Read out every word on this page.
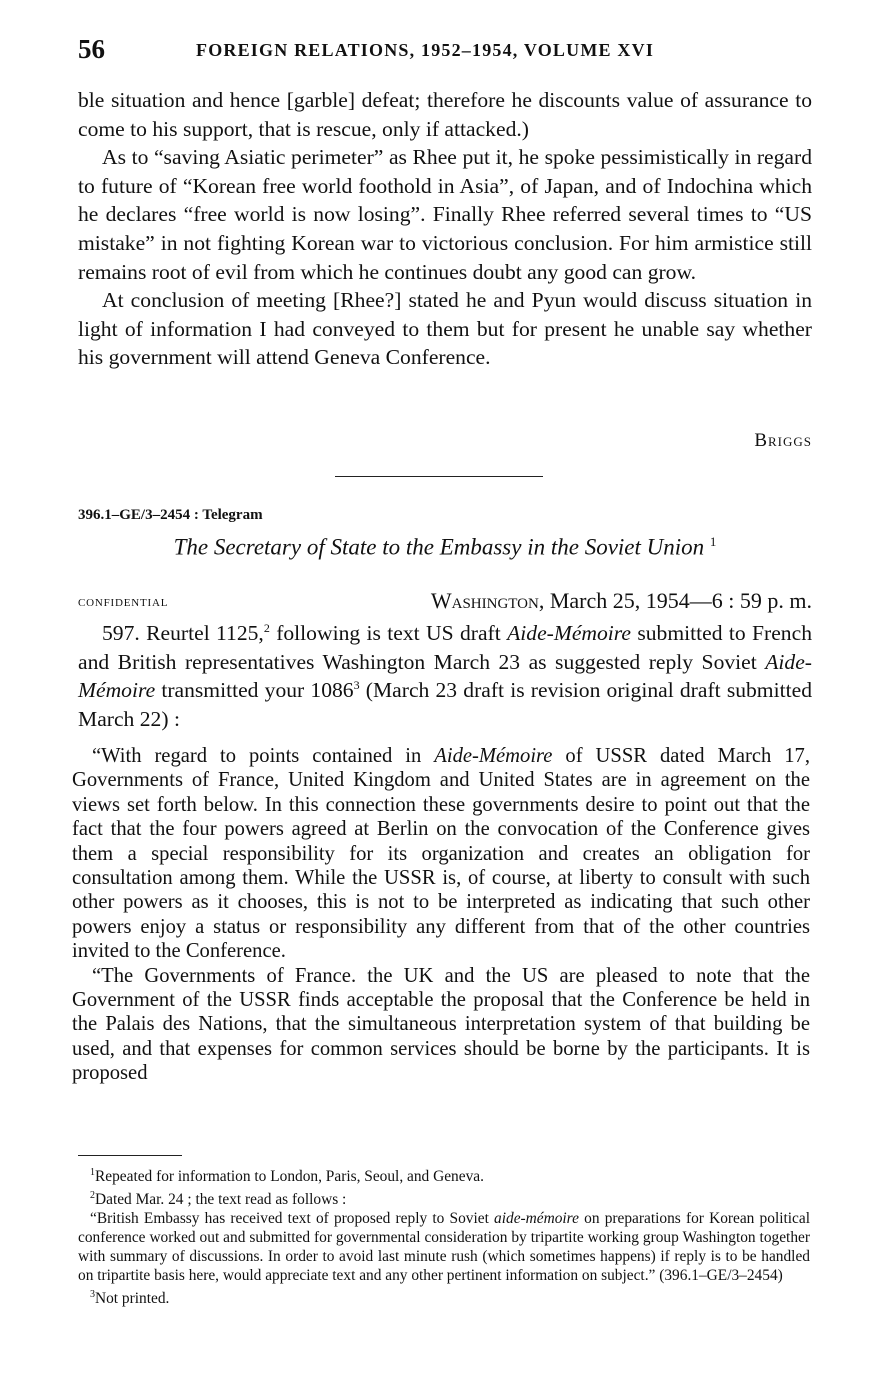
56	FOREIGN RELATIONS, 1952–1954, VOLUME XVI

ble situation and hence [garble] defeat; therefore he discounts value of assurance to come to his support, that is rescue, only if attacked.)

As to “saving Asiatic perimeter” as Rhee put it, he spoke pessimistically in regard to future of “Korean free world foothold in Asia”, of Japan, and of Indochina which he declares “free world is now losing”. Finally Rhee referred several times to “US mistake” in not fighting Korean war to victorious conclusion. For him armistice still remains root of evil from which he continues doubt any good can grow.

At conclusion of meeting [Rhee?] stated he and Pyun would discuss situation in light of information I had conveyed to them but for present he unable say whether his government will attend Geneva Conference.

Briggs
396.1–GE/3–2454 : Telegram
The Secretary of State to the Embassy in the Soviet Union $^1$
confidential	Washington, March 25, 1954—6 : 59 p. m.

597. Reurtel 1125,$^2$ following is text US draft Aide-Mémoire submitted to French and British representatives Washington March 23 as suggested reply Soviet Aide-Mémoire transmitted your 1086$^3$ (March 23 draft is revision original draft submitted March 22) :

“With regard to points contained in Aide-Mémoire of USSR dated March 17, Governments of France, United Kingdom and United States are in agreement on the views set forth below. In this connection these governments desire to point out that the fact that the four powers agreed at Berlin on the convocation of the Conference gives them a special responsibility for its organization and creates an obligation for consultation among them. While the USSR is, of course, at liberty to consult with such other powers as it chooses, this is not to be interpreted as indicating that such other powers enjoy a status or responsibility any different from that of the other countries invited to the Conference.

“The Governments of France. the UK and the US are pleased to note that the Government of the USSR finds acceptable the proposal that the Conference be held in the Palais des Nations, that the simultaneous interpretation system of that building be used, and that expenses for common services should be borne by the participants. It is proposed

$^1$Repeated for information to London, Paris, Seoul, and Geneva.

$^2$Dated Mar. 24 ; the text read as follows :

“British Embassy has received text of proposed reply to Soviet aide-mémoire on preparations for Korean political conference worked out and submitted for governmental consideration by tripartite working group Washington together with summary of discussions. In order to avoid last minute rush (which sometimes happens) if reply is to be handled on tripartite basis here, would appreciate text and any other pertinent information on subject.” (396.1–GE/3–2454)

$^3$Not printed.
